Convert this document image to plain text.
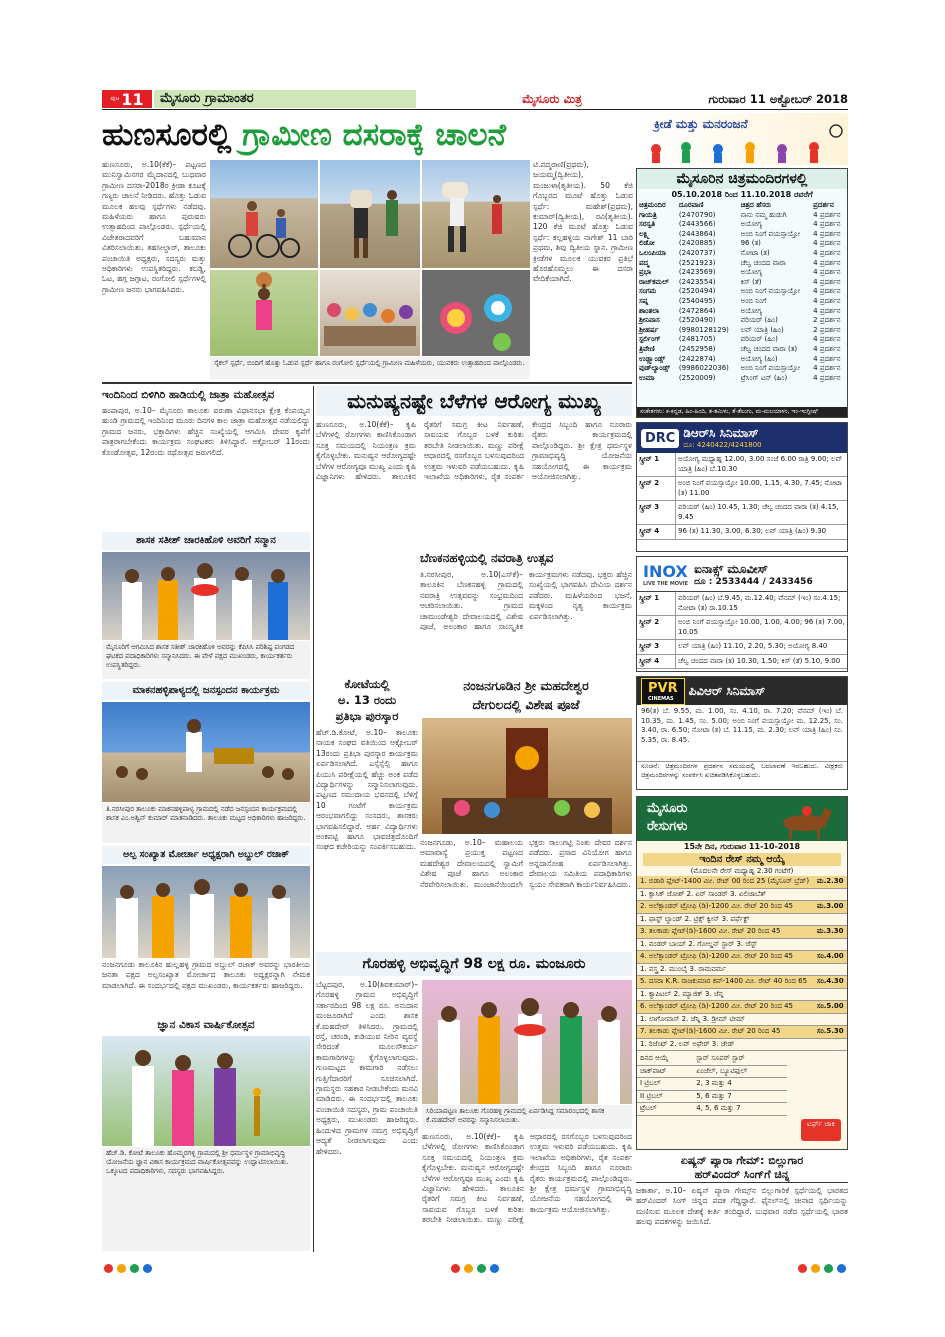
ಪುಟ 11	ಮೈಸೂರು ಗ್ರಾಮಾಂತರ	ಮೈಸೂರು ಮಿತ್ರ	ಗುರುವಾರ 11 ಅಕ್ಟೋಬರ್ 2018
ಹುಣಸೂರಲ್ಲಿ ಗ್ರಾಮೀಣ ದಸರಾಕ್ಕೆ ಚಾಲನೆ
ಹುಣಸೂರು, ಅ.10(ಕೆಕೆ)– ಪಟ್ಟಣದ ಮುನಿಸ್ವಾಮಿನಗರ ಮೈದಾನದಲ್ಲಿ ಬುಧವಾರ ಗ್ರಾಮೀಣ ದಸರಾ-2018ರ ಕ್ರೀಡಾ ಕೂಟಕ್ಕೆ ಗಣ್ಯರು ಚಾಲನೆ ನೀಡಿದರು. ಹೊತ್ತು ಓಡುವ ಮೂಲಕ ಹಲವು ಸ್ಪರ್ಧೆಗಳು ನಡೆದವು. ಮಹಿಳೆಯರು ಹಾಗೂ ಪುರುಷರು ಉತ್ಸಾಹದಿಂದ ಪಾಲ್ಗೊಂಡರು. ಸ್ಪರ್ಧೆಯಲ್ಲಿ ವಿಜೇತರಾದವರಿಗೆ ಬಹುಮಾನ ವಿತರಿಸಲಾಯಿತು. ತಹಸೀಲ್ದಾರ್, ತಾಲೂಕು ಪಂಚಾಯಿತಿ ಅಧ್ಯಕ್ಷರು, ಸದಸ್ಯರು ಮತ್ತು ಅಧಿಕಾರಿಗಳು ಉಪಸ್ಥಿತರಿದ್ದರು. ಕಬಡ್ಡಿ, ಓಟ, ಹಗ್ಗ ಜಗ್ಗಾಟ, ರಂಗೋಲಿ ಸ್ಪರ್ಧೆಗಳಲ್ಲಿ ಗ್ರಾಮೀಣ ಜನರು ಭಾಗವಹಿಸಿದರು.
ಸೈಕಲ್ ಸ್ಪರ್ಧೆ, ಬಿಂದಿಗೆ ಹೊತ್ತು ಓಡುವ ಸ್ಪರ್ಧೆ ಹಾಗೂ ರಂಗೋಲಿ ಸ್ಪರ್ಧೆಯಲ್ಲಿ ಗ್ರಾಮೀಣ ಮಹಿಳೆಯರು, ಯುವಕರು ಉತ್ಸಾಹದಿಂದ ಪಾಲ್ಗೊಂಡರು.
ಟಿ.ಪದ್ಮರಾಣಿ(ಪ್ರಥಮ), ಜಯಮ್ಮ(ದ್ವಿತೀಯ), ಮಂಜುಳಾ(ತೃತೀಯ). 50 ಕೆಜಿ ಗೊಬ್ಬರದ ಮೂಟೆ ಹೊತ್ತು ಓಡುವ ಸ್ಪರ್ಧೆ: ಮಹೇಶ್(ಪ್ರಥಮ), ಕುಮಾರ್(ದ್ವಿತೀಯ), ರವಿ(ತೃತೀಯ). 120 ಕೆಜಿ ಮೂಟೆ ಹೊತ್ತು ಓಡುವ ಸ್ಪರ್ಧೆ: ಕಲ್ಲಹಳ್ಳಿಯ ನಾಗೇಶ್ 11 ಬಾರಿ ಪ್ರಥಮ, ಶಿವು ದ್ವಿತೀಯ ಸ್ಥಾನ. ಗ್ರಾಮೀಣ ಕ್ರೀಡೆಗಳ ಮೂಲಕ ಯುವಕರ ಪ್ರತಿಭೆ ಹೊರಹೊಮ್ಮಲು ಈ ದಸರಾ ವೇದಿಕೆಯಾಗಿದೆ.
ಕ್ರೀಡೆ ಮತ್ತು ಮನರಂಜನೆ
ಮೈಸೂರಿನ ಚಿತ್ರಮಂದಿರಗಳಲ್ಲಿ
05.10.2018 ರಿಂದ 11.10.2018 ರವರೆಗೆ
ಚಿತ್ರಮಂದಿರ	ದೂರವಾಣಿ	ಚಿತ್ರದ ಹೆಸರು	ಪ್ರದರ್ಶನ
ಗಾಯತ್ರಿ	(2470790)	ನಾನು ನಮ್ಮ ಹುಡುಗಿ	4 ಪ್ರದರ್ಶನ
ಸರಸ್ವತಿ	(2443566)	ಅಯೋಗ್ಯ	4 ಪ್ರದರ್ಶನ
ಲಕ್ಷ್ಮಿ	(2443864)	ಅಂಬಿ ನಿಂಗೆ ವಯಸ್ಸಾಯ್ತೋ	4 ಪ್ರದರ್ಶನ
ಲಿಡೋ	(2420885)	96 (ತ)	4 ಪ್ರದರ್ಶನ
ಒಲಂಪಿಯಾ	(2420737)	ನೋಟಾ (ತ)	4 ಪ್ರದರ್ಶನ
ಪದ್ಮ	(2521923)	ಚೆಲ್ವ ಚಂದದ ವಾರಾ	4 ಪ್ರದರ್ಶನ
ಪ್ರಭಾ	(2423569)	ಅಯೋಗ್ಯ	4 ಪ್ರದರ್ಶನ
ರಾಜ್‌ಕಮಲ್	(2423554)	ಕಿಸ್ (ತೆ)	4 ಪ್ರದರ್ಶನ
ಸಂಗಮ	(2520494)	ಅಂಬಿ ನಿಂಗೆ ವಯಸ್ಸಾಯ್ತೋ	4 ಪ್ರದರ್ಶನ
ಸಪ್ನ	(2540495)	ಅಂಬಿ ನಿಂಗೆ	4 ಪ್ರದರ್ಶನ
ಶಾಂತಲಾ	(2472864)	ಅಯೋಗ್ಯ	4 ಪ್ರದರ್ಶನ
ಶ್ರೀನಿವಾಸ	(2520490)	ವರಿಯರ್ (ಹಿಂ)	2 ಪ್ರದರ್ಶನ
ಶ್ರೀಹರ್ಷ	(9980128129)	ಲವ್ ಯಾತ್ರಿ (ಹಿಂ)	2 ಪ್ರದರ್ಶನ
ಸ್ಟರ್ಲಿಂಗ್	(2481705)	ವರಿಯರ್ (ಹಿಂ)	4 ಪ್ರದರ್ಶನ
ತ್ರಿವೇಣಿ	(2452958)	ಚೆಲ್ವ ಚಂದದ ವಾರಾ (ತ)	4 ಪ್ರದರ್ಶನ
ಉಡ್ಲ್ಯಾಂಡ್ಸ್	(2422874)	ಅಯೋಗ್ಯ (ಹಿಂ)	4 ಪ್ರದರ್ಶನ
ವುಡ್‌ಲ್ಯಾಂಡ್ಸ್	(9986022036)	ಅಂಬಿ ನಿಂಗೆ ವಯಸ್ಸಾಯ್ತೋ	4 ಪ್ರದರ್ಶನ
ಉಮಾ	(2520009)	ಟ್ರೆಸಿಂಗ್ ಟನ್ (ಹಿಂ)	4 ಪ್ರದರ್ಶನ
ಸಂಕೇತಗಳು: ಕ-ಕನ್ನಡ, ಹಿಂ-ಹಿಂದಿ, ತ-ತಮಿಳು, ತೆ-ತೆಲುಗು, ಮ-ಮಲಯಾಳಂ, ಇಂ-ಇಂಗ್ಲೀಷ್
DRC ಡಿಆರ್‌ಸಿ ಸಿನಿಮಾಸ್
ದೂ: 4240422/4241800
ಸ್ಕ್ರೀನ್ 1	ಅಯೋಗ್ಯ ಮಧ್ಯಾಹ್ನ 12.00, 3.00 ಸಂಜೆ 6.00 ರಾತ್ರಿ 9.00; ಲವ್ ಯಾತ್ರಿ (ಹಿಂ) ಬೆ.10.30
ಸ್ಕ್ರೀನ್ 2	ಅಂಬಿ ನಿಂಗೆ ವಯಸ್ಸಾಯ್ತೋ 10.00, 1.15, 4.30, 7.45; ನೋಟಾ (ತ) 11.00
ಸ್ಕ್ರೀನ್ 3	ವರಿಯರ್ (ಹಿಂ) 10.45, 1.30; ಚೆಲ್ವ ಚಂದದ ವಾರಾ (ತ) 4.15, 9.45
ಸ್ಕ್ರೀನ್ 4	96 (ತ) 11.30, 3.00, 6.30; ಲವ್ ಯಾತ್ರಿ (ಹಿಂ) 9.30
INOX
LIVE THE MOVIE
ಐನಾಕ್ಸ್ ಮೂವೀಸ್
ದೂ : 2533444 / 2433456
ಸ್ಕ್ರೀನ್ 1	ವರಿಯರ್ (ಹಿಂ) ಬೆ.9.45, ಮ.12.40; ವೆನಮ್ (ಇಂ) ಸಂ.4.15; ನೋಟಾ (ತ) ರಾ.10.15
ಸ್ಕ್ರೀನ್ 2	ಅಂಬಿ ನಿಂಗೆ ವಯಸ್ಸಾಯ್ತೋ 10.00, 1.00, 4.00; 96 (ತ) 7.00, 10.05
ಸ್ಕ್ರೀನ್ 3	ಲವ್ ಯಾತ್ರಿ (ಹಿಂ) 11.10, 2.20, 5.30; ಅಯೋಗ್ಯ 8.40
ಸ್ಕ್ರೀನ್ 4	ಚೆಲ್ವ ಚಂದದ ವಾರಾ (ತ) 10.30, 1.50; ಕಿಸ್ (ತೆ) 5.10, 9.00
PVR
CINEMAS
ಪಿವಿಆರ್ ಸಿನಿಮಾಸ್
96(ತ) ಬೆ. 9.55, ಮ. 1.00, ಸಂ. 4.10, ರಾ. 7.20; ವೆನಮ್ (ಇಂ) ಬೆ. 10.35, ಮ. 1.45, ಸಂ. 5.00; ಅಂಬಿ ನಿಂಗೆ ವಯಸ್ಸಾಯ್ತೋ ಮ. 12.25, ಸಂ. 3.40, ರಾ. 6.50; ನೋಟಾ (ತ) ಬೆ. 11.15, ಮ. 2.30; ಲವ್ ಯಾತ್ರಿ (ಹಿಂ) ಸಂ. 5.35, ರಾ. 8.45.
ಸೂಚನೆ: ಚಿತ್ರಮಂದಿರಗಳ ಪ್ರದರ್ಶನ ಸಮಯದಲ್ಲಿ ಬದಲಾವಣೆ ಇರಬಹುದು. ವೀಕ್ಷಕರು ಚಿತ್ರಮಂದಿರಗಳನ್ನು ಸಂಪರ್ಕಿಸಿ ಖಚಿತಪಡಿಸಿಕೊಳ್ಳಬಹುದು.
ಮೈಸೂರು
ರೇಸುಗಳು
15ನೇ ದಿನ, ಗುರುವಾರ 11-10-2018
ಇಂದಿನ ರೇಸ್ ನಮ್ಮ ಆಯ್ಕೆ
(ಮೊದಲನೇ ರೇಸ್ ಮಧ್ಯಾಹ್ನ 2.30 ಗಂಟೆಗೆ)
1. ಬಿಡಾರಿ ಪ್ಲೇಟ್-1400 ಮೀ. ರೇಟ್ 00 ರಿಂದ 25 (ಮೈಸೂರ್ ಬ್ರೆಡ್)	ಮ.2.30
1. ಕ್ಲಾಸಿಕ್ ಜೋಶ್ 2. ಏರ್ ಸಾಂಡರ್ 3. ಏಲಿಜಾಬೆತ್	
2. ಅಲೆಕ್ಸಾಂಡರ್ ಟ್ರೋಫಿ (ಡಿ)-1200 ಮೀ. ರೇಟ್ 20 ರಿಂದ 45	ಮ.3.00
1. ಫಾಸ್ಟ್ ಲ್ಯಾಂಡ್ 2. ಟ್ರಿಕ್ಸ್ ಕ್ವೀನ್ 3. ಪರ್ಫೆಕ್ಟ್	
3. ತಲಕಾಡು ಪ್ಲೇಟ್(ಡಿ)-1600 ಮೀ. ರೇಟ್ 20 ರಿಂದ 45	ಮ.3.30
1. ವಂಡರ್ ಬಾಯ್ 2. ಗೋಲ್ಡನ್ ಸ್ಟಾರ್ 3. ಜೆಸ್ಟ್	
4. ಅಲೆಕ್ಸಾಂಡರ್ ಟ್ರೋಫಿ (ಡಿ)-1200 ಮೀ. ರೇಟ್ 20 ರಿಂದ 45	ಸಂ.4.00
1. ವಸ್ತ್ರ 2. ಮುಂಬೈ 3. ರಾಮವರ್ಮ	
5. ದಸರಾ K.R. ರಾಜಕುಮಾರ ಕಪ್-1400 ಮೀ. ರೇಟ್ 40 ರಿಂದ 65	ಸಂ.4.30
1. ಕ್ಯಾಪಿಟಲ್ 2. ಮ್ಯಾಜಿಕ್ 3. ಜೆನ್ನ	
6. ಅಲೆಕ್ಸಾಂಡರ್ ಟ್ರೋಫಿ (ಡಿ)-1200 ಮೀ. ರೇಟ್ 20 ರಿಂದ 45	ಸಂ.5.00
1. ಲಾಗೋವಾಸ್ 2. ಜೆನ್ನಿ 3. ಡ್ರೀಮ್ ಟೀಮ್	
7. ತಲಕಾಡು ಪ್ಲೇಟ್(ಡಿ)-1600 ಮೀ. ರೇಟ್ 20 ರಿಂದ 45	ಸಂ.5.30
1. ರಿಜೆಂಟ್ 2. ಲವ್ ಅಫೇರ್ 3. ಜೇಡ್	
ದಿನದ ಆಯ್ಕೆ	ಸ್ಟಾರ್ ಸೂಪರ್ ಸ್ಟಾರ್
ಜಾಕ್‌ಪಾಟ್	ಏಂಜೆಲ್, ಬ್ಯೂಟಿಫುಲ್
I ಟ್ರಿಬಲ್	2, 3 ಮತ್ತು 4
II ಟ್ರಿಬಲ್	5, 6 ಮತ್ತು 7
ಟ್ರೆಬಲ್	4, 5, 6 ಮತ್ತು 7
ಟರ್ಫ್ ಜಾಕಿ
ಏಷ್ಯನ್ ಪ್ಯಾರಾ ಗೇಮ್: ಬಿಲ್ಲುಗಾರ
ಹರ್‌ವಿಂದರ್ ಸಿಂಗ್‌ಗೆ ಚಿನ್ನ
ಜಕಾರ್ತಾ, ಅ.10– ಏಷ್ಯನ್ ಪ್ಯಾರಾ ಗೇಮ್ಸ್‌ನ ಬಿಲ್ಲುಗಾರಿಕೆ ಸ್ಪರ್ಧೆಯಲ್ಲಿ ಭಾರತದ ಹರ್‌ವಿಂದರ್ ಸಿಂಗ್ ಚಿನ್ನದ ಪದಕ ಗೆದ್ದಿದ್ದಾರೆ. ಫೈನಲ್‌ನಲ್ಲಿ ಚೀನಾದ ಸ್ಪರ್ಧಿಯನ್ನು ಮಣಿಸುವ ಮೂಲಕ ದೇಶಕ್ಕೆ ಕೀರ್ತಿ ತಂದಿದ್ದಾರೆ. ಬುಧವಾರ ನಡೆದ ಸ್ಪರ್ಧೆಯಲ್ಲಿ ಭಾರತ ಹಲವು ಪದಕಗಳನ್ನು ಜಯಿಸಿದೆ.
ಇಂದಿನಿಂದ ಬಿಳಿಗಿರಿ ಹಾಡಿಯಲ್ಲಿ ಜಾತ್ರಾ ಮಹೋತ್ಸವ
ಹಂಪಾಪುರ, ಅ.10– ಮೈಸೂರು ತಾಲೂಕು ವರುಣಾ ವಿಧಾನಸಭಾ ಕ್ಷೇತ್ರ ಕೆಂಪಯ್ಯನ ಹುಂಡಿ ಗ್ರಾಮದಲ್ಲಿ ಇಂದಿನಿಂದ ಮೂರು ದಿನಗಳ ಕಾಲ ಜಾತ್ರಾ ಮಹೋತ್ಸವ ನಡೆಯಲಿದ್ದು ಗ್ರಾಮದ ಜನರು, ಭಕ್ತಾದಿಗಳು ಹೆಚ್ಚಿನ ಸಂಖ್ಯೆಯಲ್ಲಿ ಆಗಮಿಸಿ ದೇವರ ಕೃಪೆಗೆ ಪಾತ್ರರಾಗಬೇಕೆಂದು ಕಾರ್ಯಕ್ರಮ ಸಂಘಟಕರು ತಿಳಿಸಿದ್ದಾರೆ. ಅಕ್ಟೋಬರ್ 11ರಂದು ಕೊಂಡೋತ್ಸವ, 12ರಂದು ರಥೋತ್ಸವ ಜರುಗಲಿದೆ.
ಶಾಸಕ ಸತೀಶ್ ಜಾರಕಿಹೊಳಿ ಅವರಿಗೆ ಸನ್ಮಾನ
ಮೈಸೂರಿಗೆ ಆಗಮಿಸಿದ ಶಾಸಕ ಸತೀಶ್ ಜಾರಕಿಹೊಳಿ ಅವರನ್ನು ಕೆಪಿಸಿಸಿ ಪರಿಶಿಷ್ಟ ಪಂಗಡದ ಘಟಕದ ಪದಾಧಿಕಾರಿಗಳು ಸನ್ಮಾನಿಸಿದರು. ಈ ವೇಳೆ ಪಕ್ಷದ ಮುಖಂಡರು, ಕಾರ್ಯಕರ್ತರು ಉಪಸ್ಥಿತರಿದ್ದರು.
ಮಾಕನಹಳ್ಳಿಪಾಳ್ಯದಲ್ಲಿ ಜನಸ್ಪಂದನ ಕಾರ್ಯಕ್ರಮ
ತಿ.ನರಸೀಪುರ ತಾಲೂಕು ಮಾಕನಹಳ್ಳಿಪಾಳ್ಯ ಗ್ರಾಮದಲ್ಲಿ ನಡೆದ ಜನಸ್ಪಂದನ ಕಾರ್ಯಕ್ರಮದಲ್ಲಿ ಶಾಸಕ ಎಂ.ಅಶ್ವಿನ್ ಕುಮಾರ್ ಮಾತನಾಡಿದರು. ತಾಲೂಕು ಮಟ್ಟದ ಅಧಿಕಾರಿಗಳು ಹಾಜರಿದ್ದರು.
ಅಲ್ಪ ಸಂಖ್ಯಾತ ಮೋರ್ಚಾ ಅಧ್ಯಕ್ಷರಾಗಿ ಅಬ್ದುಲ್ ರಜಾಕ್
ನಂಜನಗೂಡು ತಾಲೂಕಿನ ಹುಲ್ಲಹಳ್ಳಿ ಗ್ರಾಮದ ಅಬ್ದುಲ್ ರಜಾಕ್ ಅವರನ್ನು ಭಾರತೀಯ ಜನತಾ ಪಕ್ಷದ ಅಲ್ಪಸಂಖ್ಯಾತ ಮೋರ್ಚಾದ ತಾಲೂಕು ಅಧ್ಯಕ್ಷರನ್ನಾಗಿ ನೇಮಕ ಮಾಡಲಾಗಿದೆ. ಈ ಸಂದರ್ಭದಲ್ಲಿ ಪಕ್ಷದ ಮುಖಂಡರು, ಕಾರ್ಯಕರ್ತರು ಹಾಜರಿದ್ದರು.
ಜ್ಞಾನ ವಿಕಾಸ ವಾರ್ಷಿಕೋತ್ಸವ
ಹೆಚ್.ಡಿ. ಕೋಟೆ ತಾಲೂಕು ಹೊಮ್ಮರಗಳ್ಳಿ ಗ್ರಾಮದಲ್ಲಿ ಶ್ರೀ ಧರ್ಮಸ್ಥಳ ಗ್ರಾಮಾಭಿವೃದ್ಧಿ ಯೋಜನೆಯ ಜ್ಞಾನ ವಿಕಾಸ ಕಾರ್ಯಕ್ರಮದ ವಾರ್ಷಿಕೋತ್ಸವವನ್ನು ಉದ್ಘಾಟಿಸಲಾಯಿತು. ಒಕ್ಕೂಟದ ಪದಾಧಿಕಾರಿಗಳು, ಸದಸ್ಯರು ಭಾಗವಹಿಸಿದ್ದರು.
ಮನುಷ್ಯನಷ್ಟೇ ಬೆಳೆಗಳ ಆರೋಗ್ಯ ಮುಖ್ಯ
ಹುಣಸೂರು, ಅ.10(ಕೆಕೆ)– ಕೃಷಿ ಬೆಳೆಗಳಲ್ಲಿ ರೋಗಗಳು ಕಾಣಿಸಿಕೊಂಡಾಗ ಸೂಕ್ತ ಸಮಯದಲ್ಲಿ ನಿಯಂತ್ರಣ ಕ್ರಮ ಕೈಗೊಳ್ಳಬೇಕು. ಮನುಷ್ಯನ ಆರೋಗ್ಯದಷ್ಟೇ ಬೆಳೆಗಳ ಆರೋಗ್ಯವೂ ಮುಖ್ಯ ಎಂದು ಕೃಷಿ ವಿಜ್ಞಾನಿಗಳು ಹೇಳಿದರು. ತಾಲೂಕಿನ ರೈತರಿಗೆ ಸಮಗ್ರ ಕೀಟ ನಿರ್ವಹಣೆ, ಸಾವಯವ ಗೊಬ್ಬರ ಬಳಕೆ ಕುರಿತು ತರಬೇತಿ ನೀಡಲಾಯಿತು. ಮಣ್ಣು ಪರೀಕ್ಷೆ ಆಧಾರದಲ್ಲಿ ರಸಗೊಬ್ಬರ ಬಳಸುವುದರಿಂದ ಉತ್ತಮ ಇಳುವರಿ ಪಡೆಯಬಹುದು. ಕೃಷಿ ಇಲಾಖೆಯ ಅಧಿಕಾರಿಗಳು, ರೈತ ಸಂಪರ್ಕ ಕೇಂದ್ರದ ಸಿಬ್ಬಂದಿ ಹಾಗೂ ನೂರಾರು ರೈತರು ಕಾರ್ಯಕ್ರಮದಲ್ಲಿ ಪಾಲ್ಗೊಂಡಿದ್ದರು. ಶ್ರೀ ಕ್ಷೇತ್ರ ಧರ್ಮಸ್ಥಳ ಗ್ರಾಮಾಭಿವೃದ್ಧಿ ಯೋಜನೆಯ ಸಹಯೋಗದಲ್ಲಿ ಈ ಕಾರ್ಯಕ್ರಮ ಆಯೋಜಿಸಲಾಗಿತ್ತು.
ಬೆಣಕನಹಳ್ಳಿಯಲ್ಲಿ ನವರಾತ್ರಿ ಉತ್ಸವ
ತಿ.ನರಸೀಪುರ, ಅ.10(ಎಸ್‌ಕೆ)– ತಾಲೂಕಿನ ಬೆಣಕನಹಳ್ಳಿ ಗ್ರಾಮದಲ್ಲಿ ನವರಾತ್ರಿ ಉತ್ಸವವನ್ನು ಸಂಭ್ರಮದಿಂದ ಆಚರಿಸಲಾಯಿತು. ಗ್ರಾಮದ ಚಾಮುಂಡೇಶ್ವರಿ ದೇವಾಲಯದಲ್ಲಿ ವಿಶೇಷ ಪೂಜೆ, ಅಲಂಕಾರ ಹಾಗೂ ಸಾಂಸ್ಕೃತಿಕ ಕಾರ್ಯಕ್ರಮಗಳು ನಡೆದವು. ಭಕ್ತರು ಹೆಚ್ಚಿನ ಸಂಖ್ಯೆಯಲ್ಲಿ ಭಾಗವಹಿಸಿ ದೇವಿಯ ದರ್ಶನ ಪಡೆದರು. ಮಹಿಳೆಯರಿಂದ ಭಜನೆ, ಮಕ್ಕಳಿಂದ ನೃತ್ಯ ಕಾರ್ಯಕ್ರಮ ಏರ್ಪಡಿಸಲಾಗಿತ್ತು.
ಕೋಟೆಯಲ್ಲಿ
ಅ. 13 ರಂದು
ಪ್ರತಿಭಾ ಪುರಸ್ಕಾರ
ಹೆಚ್.ಡಿ.ಕೋಟೆ, ಅ.10– ತಾಲೂಕು ನಾಯಕ ಸಂಘದ ವತಿಯಿಂದ ಅಕ್ಟೋಬರ್ 13ರಂದು ಪ್ರತಿಭಾ ಪುರಸ್ಕಾರ ಕಾರ್ಯಕ್ರಮ ಏರ್ಪಡಿಸಲಾಗಿದೆ. ಎಸ್ಸೆಸ್ಸೆಲ್ಸಿ ಹಾಗೂ ಪಿಯುಸಿ ಪರೀಕ್ಷೆಯಲ್ಲಿ ಹೆಚ್ಚು ಅಂಕ ಪಡೆದ ವಿದ್ಯಾರ್ಥಿಗಳನ್ನು ಸನ್ಮಾನಿಸಲಾಗುವುದು. ಪಟ್ಟಣದ ಸಮುದಾಯ ಭವನದಲ್ಲಿ ಬೆಳಿಗ್ಗೆ 10 ಗಂಟೆಗೆ ಕಾರ್ಯಕ್ರಮ ಆರಂಭವಾಗಲಿದ್ದು ಸಂಸದರು, ಶಾಸಕರು ಭಾಗವಹಿಸಲಿದ್ದಾರೆ. ಅರ್ಹ ವಿದ್ಯಾರ್ಥಿಗಳು ಅಂಕಪಟ್ಟಿ ಹಾಗೂ ಭಾವಚಿತ್ರದೊಂದಿಗೆ ಸಂಘದ ಕಚೇರಿಯನ್ನು ಸಂಪರ್ಕಿಸಬಹುದು.
ನಂಜನಗೂಡಿನ ಶ್ರೀ ಮಹದೇಶ್ವರ
ದೇಗುಲದಲ್ಲಿ ವಿಶೇಷ ಪೂಜೆ
ನಂಜನಗೂಡು, ಅ.10– ಮಹಾಲಯ ಅಮಾವಾಸ್ಯೆ ಪ್ರಯುಕ್ತ ಪಟ್ಟಣದ ಮಹದೇಶ್ವರ ದೇವಾಲಯದಲ್ಲಿ ಸ್ವಾಮಿಗೆ ವಿಶೇಷ ಪೂಜೆ ಹಾಗೂ ಅಲಂಕಾರ ನೆರವೇರಿಸಲಾಯಿತು. ಮುಂಜಾನೆಯಿಂದಲೇ ಭಕ್ತರು ಸಾಲುಗಟ್ಟಿ ನಿಂತು ದೇವರ ದರ್ಶನ ಪಡೆದರು. ಪ್ರಸಾದ ವಿನಿಯೋಗ ಹಾಗೂ ಅನ್ನದಾಸೋಹ ಏರ್ಪಡಿಸಲಾಗಿತ್ತು. ದೇವಾಲಯ ಸಮಿತಿಯ ಪದಾಧಿಕಾರಿಗಳು ಸ್ವಯಂ ಸೇವಕರಾಗಿ ಕಾರ್ಯನಿರ್ವಹಿಸಿದರು.
ಗೊರಹಳ್ಳಿ ಅಭಿವೃದ್ಧಿಗೆ 98 ಲಕ್ಷ ರೂ. ಮಂಜೂರು
ಬೆಟ್ಟದಪುರ, ಅ.10(ಶಿವಕುಮಾರ್)– ಗೊರಹಳ್ಳಿ ಗ್ರಾಮದ ಅಭಿವೃದ್ಧಿಗೆ ಸರ್ಕಾರದಿಂದ 98 ಲಕ್ಷ ರೂ. ಅನುದಾನ ಮಂಜೂರಾಗಿದೆ ಎಂದು ಶಾಸಕ ಕೆ.ಮಹದೇವ್ ತಿಳಿಸಿದರು. ಗ್ರಾಮದಲ್ಲಿ ರಸ್ತೆ, ಚರಂಡಿ, ಕುಡಿಯುವ ನೀರಿನ ವ್ಯವಸ್ಥೆ ಸೇರಿದಂತೆ ಮೂಲಸೌಕರ್ಯ ಕಾಮಗಾರಿಗಳನ್ನು ಕೈಗೊಳ್ಳಲಾಗುವುದು. ಗುಣಮಟ್ಟದ ಕಾಮಗಾರಿ ನಡೆಸಲು ಗುತ್ತಿಗೆದಾರರಿಗೆ ಸೂಚಿಸಲಾಗಿದೆ. ಗ್ರಾಮಸ್ಥರು ಸಹಕಾರ ನೀಡಬೇಕೆಂದು ಮನವಿ ಮಾಡಿದರು. ಈ ಸಂದರ್ಭದಲ್ಲಿ ತಾಲೂಕು ಪಂಚಾಯಿತಿ ಸದಸ್ಯರು, ಗ್ರಾಮ ಪಂಚಾಯಿತಿ ಅಧ್ಯಕ್ಷರು, ಮುಖಂಡರು ಹಾಜರಿದ್ದರು. ಹಿಂದುಳಿದ ಗ್ರಾಮಗಳ ಸಮಗ್ರ ಅಭಿವೃದ್ಧಿಗೆ ಆದ್ಯತೆ ನೀಡಲಾಗುವುದು ಎಂದು ಹೇಳಿದರು.
ಸಿರಿಯಾಪಟ್ಟಣ ತಾಲೂಕು ಗೊರಹಳ್ಳಿ ಗ್ರಾಮದಲ್ಲಿ ಏರ್ಪಡಿಸಿದ್ದ ಸಮಾರಂಭದಲ್ಲಿ ಶಾಸಕ ಕೆ.ಮಹದೇವ್ ಅವರನ್ನು ಸನ್ಮಾನಿಸಲಾಯಿತು.
ಹುಣಸೂರು, ಅ.10(ಕೆಕೆ)– ಕೃಷಿ ಬೆಳೆಗಳಲ್ಲಿ ರೋಗಗಳು ಕಾಣಿಸಿಕೊಂಡಾಗ ಸೂಕ್ತ ಸಮಯದಲ್ಲಿ ನಿಯಂತ್ರಣ ಕ್ರಮ ಕೈಗೊಳ್ಳಬೇಕು. ಮನುಷ್ಯನ ಆರೋಗ್ಯದಷ್ಟೇ ಬೆಳೆಗಳ ಆರೋಗ್ಯವೂ ಮುಖ್ಯ ಎಂದು ಕೃಷಿ ವಿಜ್ಞಾನಿಗಳು ಹೇಳಿದರು. ತಾಲೂಕಿನ ರೈತರಿಗೆ ಸಮಗ್ರ ಕೀಟ ನಿರ್ವಹಣೆ, ಸಾವಯವ ಗೊಬ್ಬರ ಬಳಕೆ ಕುರಿತು ತರಬೇತಿ ನೀಡಲಾಯಿತು. ಮಣ್ಣು ಪರೀಕ್ಷೆ ಆಧಾರದಲ್ಲಿ ರಸಗೊಬ್ಬರ ಬಳಸುವುದರಿಂದ ಉತ್ತಮ ಇಳುವರಿ ಪಡೆಯಬಹುದು. ಕೃಷಿ ಇಲಾಖೆಯ ಅಧಿಕಾರಿಗಳು, ರೈತ ಸಂಪರ್ಕ ಕೇಂದ್ರದ ಸಿಬ್ಬಂದಿ ಹಾಗೂ ನೂರಾರು ರೈತರು ಕಾರ್ಯಕ್ರಮದಲ್ಲಿ ಪಾಲ್ಗೊಂಡಿದ್ದರು. ಶ್ರೀ ಕ್ಷೇತ್ರ ಧರ್ಮಸ್ಥಳ ಗ್ರಾಮಾಭಿವೃದ್ಧಿ ಯೋಜನೆಯ ಸಹಯೋಗದಲ್ಲಿ ಈ ಕಾರ್ಯಕ್ರಮ ಆಯೋಜಿಸಲಾಗಿತ್ತು.
